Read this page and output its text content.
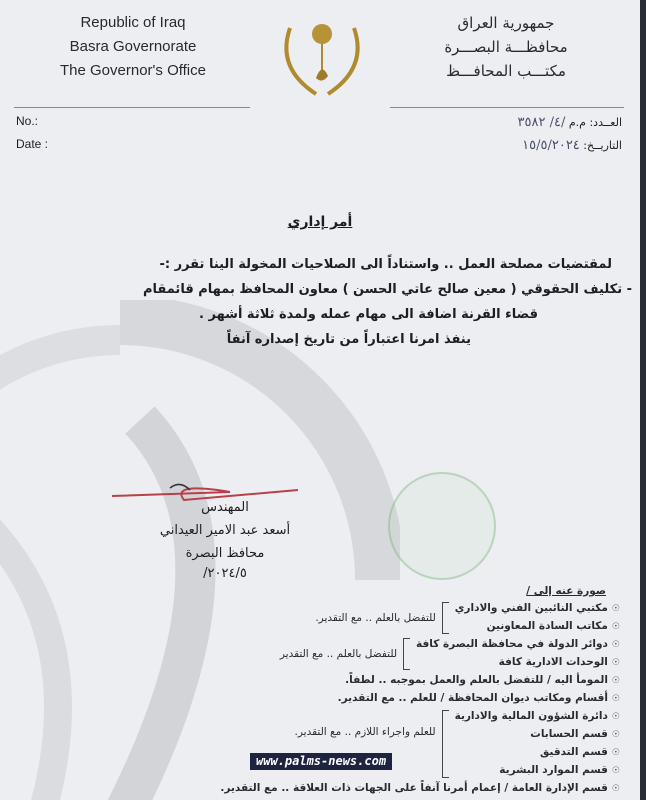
Republic of Iraq
Basra Governorate
The Governor's Office
جمهورية العراق
محافظـــة البصـــرة
مكتـــب المحافـــظ
No.:
Date :
العــدد: م.م /٤/ ٣٥٨٢
التاريــخ: ١٥/٥/٢٠٢٤
أمر إداري
لمقتضيات مصلحة العمل .. واستناداً الى الصلاحيات المخولة الينا تقرر :-
- تكليف الحقوقي ( معين صالح عاتي الحسن ) معاون المحافظ بمهام قائمقام
قضاء القرنة اضافة الى مهام عمله ولمدة ثلاثة أشهر .
ينفذ امرنا اعتباراً من تاريخ إصداره آنفاً
المهندس
أسعد عبد الامير العيداني
محافظ البصرة
٢٠٢٤/٥/
صورة عنه إلى /
☉مكتبي النائبين الفني والاداري
☉مكاتب السادة المعاونين
للتفضل بالعلم .. مع التقدير.
☉دوائر الدولة في محافظة البصرة كافة
☉الوحدات الادارية كافة
للتفضل بالعلم .. مع التقدير
☉المومأ اليه / للتفضل بالعلم والعمل بموجبه .. لطفاً.
☉أقسام ومكاتب ديوان المحافظة / للعلم .. مع التقدير.
☉دائرة الشؤون المالية والادارية
☉قسم الحسابات
☉قسم التدقيق
☉قسم الموارد البشرية
للعلم واجراء اللازم .. مع التقدير.
☉قسم الإدارة العامة / إعمام أمرنا آنفاً على الجهات ذات العلاقة .. مع التقدير.
www.palms-news.com
